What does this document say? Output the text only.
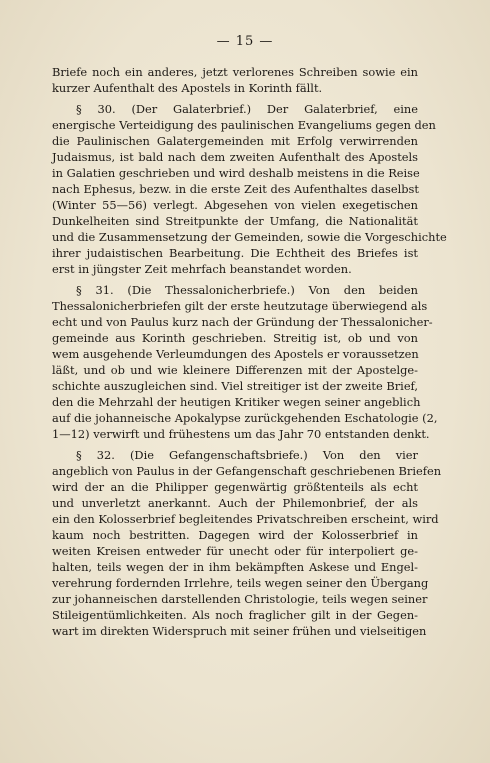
— 15 —
Briefe noch ein anderes, jetzt verlorenes Schreiben sowie ein
kurzer Aufenthalt des Apostels in Korinth fällt.
§ 30. (Der Galaterbrief.) Der Galaterbrief, eine
energische Verteidigung des paulinischen Evangeliums gegen den
die Paulinischen Galatergemeinden mit Erfolg verwirrenden
Judaismus, ist bald nach dem zweiten Aufenthalt des Apostels
in Galatien geschrieben und wird deshalb meistens in die Reise
nach Ephesus, bezw. in die erste Zeit des Aufenthaltes daselbst
(Winter 55—56) verlegt. Abgesehen von vielen exegetischen
Dunkelheiten sind Streitpunkte der Umfang, die Nationalität
und die Zusammensetzung der Gemeinden, sowie die Vorgeschichte
ihrer judaistischen Bearbeitung. Die Echtheit des Briefes ist
erst in jüngster Zeit mehrfach beanstandet worden.
§ 31. (Die Thessalonicherbriefe.) Von den beiden
Thessalonicherbriefen gilt der erste heutzutage überwiegend als
echt und von Paulus kurz nach der Gründung der Thessalonicher-
gemeinde aus Korinth geschrieben. Streitig ist, ob und von
wem ausgehende Verleumdungen des Apostels er voraussetzen
läßt, und ob und wie kleinere Differenzen mit der Apostelge-
schichte auszugleichen sind. Viel streitiger ist der zweite Brief,
den die Mehrzahl der heutigen Kritiker wegen seiner angeblich
auf die johanneische Apokalypse zurückgehenden Eschatologie (2,
1—12) verwirft und frühestens um das Jahr 70 entstanden denkt.
§ 32. (Die Gefangenschaftsbriefe.) Von den vier
angeblich von Paulus in der Gefangenschaft geschriebenen Briefen
wird der an die Philipper gegenwärtig größtenteils als echt
und unverletzt anerkannt. Auch der Philemonbrief, der als
ein den Kolosserbrief begleitendes Privatschreiben erscheint, wird
kaum noch bestritten. Dagegen wird der Kolosserbrief in
weiten Kreisen entweder für unecht oder für interpoliert ge-
halten, teils wegen der in ihm bekämpften Askese und Engel-
verehrung fordernden Irrlehre, teils wegen seiner den Übergang
zur johanneischen darstellenden Christologie, teils wegen seiner
Stileigentümlichkeiten. Als noch fraglicher gilt in der Gegen-
wart im direkten Widerspruch mit seiner frühen und vielseitigen
